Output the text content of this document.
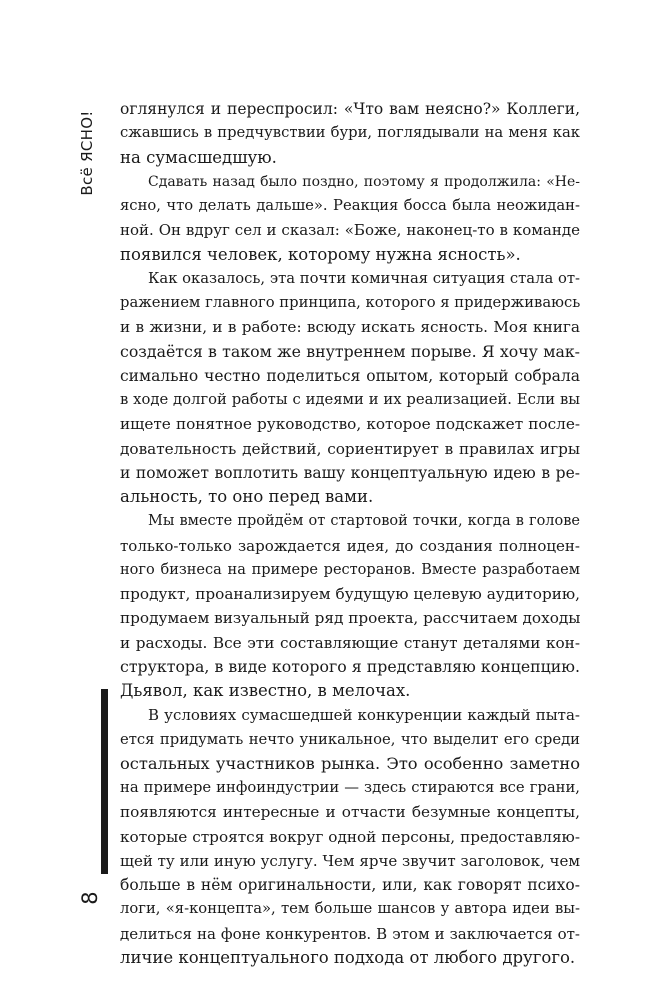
Всё ЯСНО!
8
оглянулся и переспросил: «Что вам неясно?» Коллеги,
сжавшись в предчувствии бури, поглядывали на меня как
на сумасшедшую.
Сдавать назад было поздно, поэтому я продолжила: «Не-
ясно, что делать дальше». Реакция босса была неожидан-
ной. Он вдруг сел и сказал: «Боже, наконец-то в команде
появился человек, которому нужна ясность».
Как оказалось, эта почти комичная ситуация стала от-
ражением главного принципа, которого я придерживаюсь
и в жизни, и в работе: всюду искать ясность. Моя книга
создаётся в таком же внутреннем порыве. Я хочу мак-
симально честно поделиться опытом, который собрала
в ходе долгой работы с идеями и их реализацией. Если вы
ищете понятное руководство, которое подскажет после-
довательность действий, сориентирует в правилах игры
и поможет воплотить вашу концептуальную идею в ре-
альность, то оно перед вами.
Мы вместе пройдём от стартовой точки, когда в голове
только-только зарождается идея, до создания полноцен-
ного бизнеса на примере ресторанов. Вместе разработаем
продукт, проанализируем будущую целевую аудиторию,
продумаем визуальный ряд проекта, рассчитаем доходы
и расходы. Все эти составляющие станут деталями кон-
структора, в виде которого я представляю концепцию.
Дьявол, как известно, в мелочах.
В условиях сумасшедшей конкуренции каждый пыта-
ется придумать нечто уникальное, что выделит его среди
остальных участников рынка. Это особенно заметно
на примере инфоиндустрии — здесь стираются все грани,
появляются интересные и отчасти безумные концепты,
которые строятся вокруг одной персоны, предоставляю-
щей ту или иную услугу. Чем ярче звучит заголовок, чем
больше в нём оригинальности, или, как говорят психо-
логи, «я-концепта», тем больше шансов у автора идеи вы-
делиться на фоне конкурентов. В этом и заключается от-
личие концептуального подхода от любого другого.
